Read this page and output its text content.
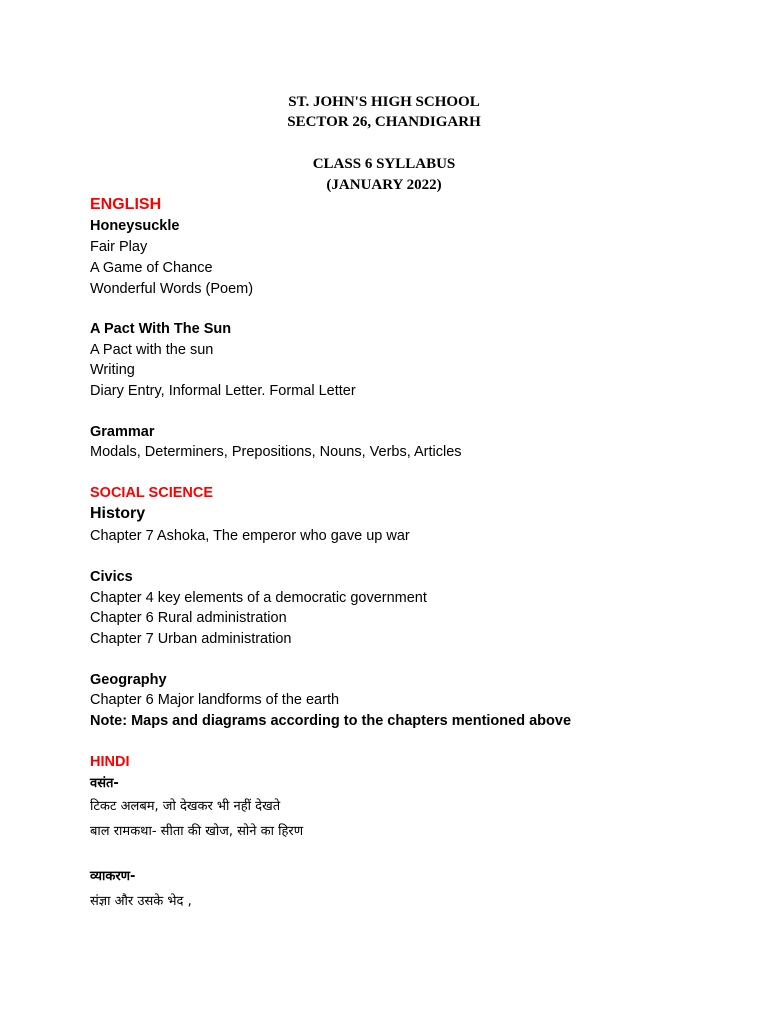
ST. JOHN'S HIGH SCHOOL
SECTOR 26, CHANDIGARH
CLASS 6 SYLLABUS
(JANUARY 2022)
ENGLISH
Honeysuckle
Fair Play
A Game of Chance
Wonderful Words (Poem)
A Pact With The Sun
A Pact with the sun
Writing
Diary Entry, Informal Letter. Formal Letter
Grammar
Modals, Determiners, Prepositions, Nouns, Verbs, Articles
SOCIAL SCIENCE
History
Chapter 7 Ashoka, The emperor who gave up war
Civics
Chapter 4 key elements of a democratic government
Chapter 6 Rural administration
Chapter 7 Urban administration
Geography
Chapter 6 Major landforms of the earth
Note: Maps and diagrams according to the chapters mentioned above
HINDI
वसंत-
टिकट अलबम, जो देखकर भी नहीं देखते
बाल रामकथा- सीता की खोज, सोने का हिरण
व्याकरण-
संज्ञा और उसके भेद ,
